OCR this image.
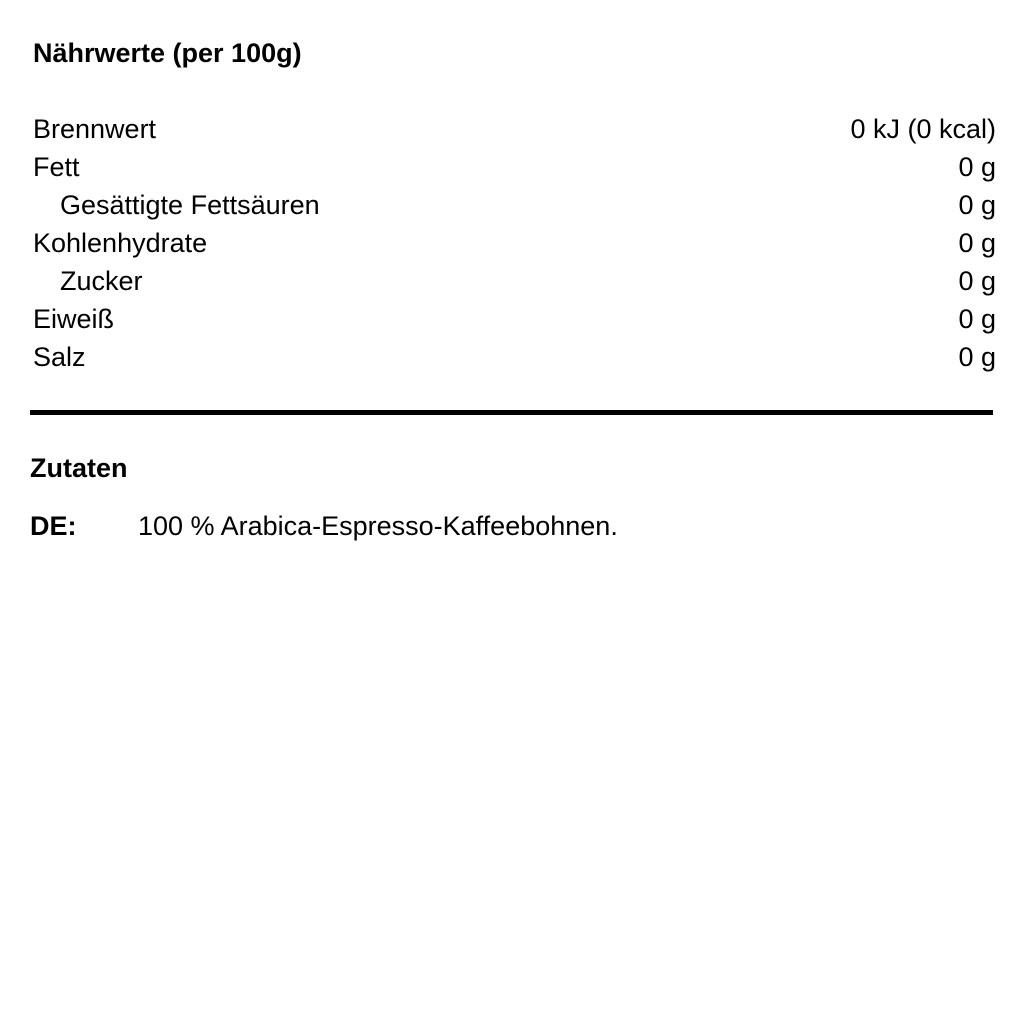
Nährwerte (per 100g)
Brennwert	0 kJ (0 kcal)
Fett	0 g
Gesättigte Fettsäuren	0 g
Kohlenhydrate	0 g
Zucker	0 g
Eiweiß	0 g
Salz	0 g
Zutaten
DE: 100 % Arabica-Espresso-Kaffeebohnen.
